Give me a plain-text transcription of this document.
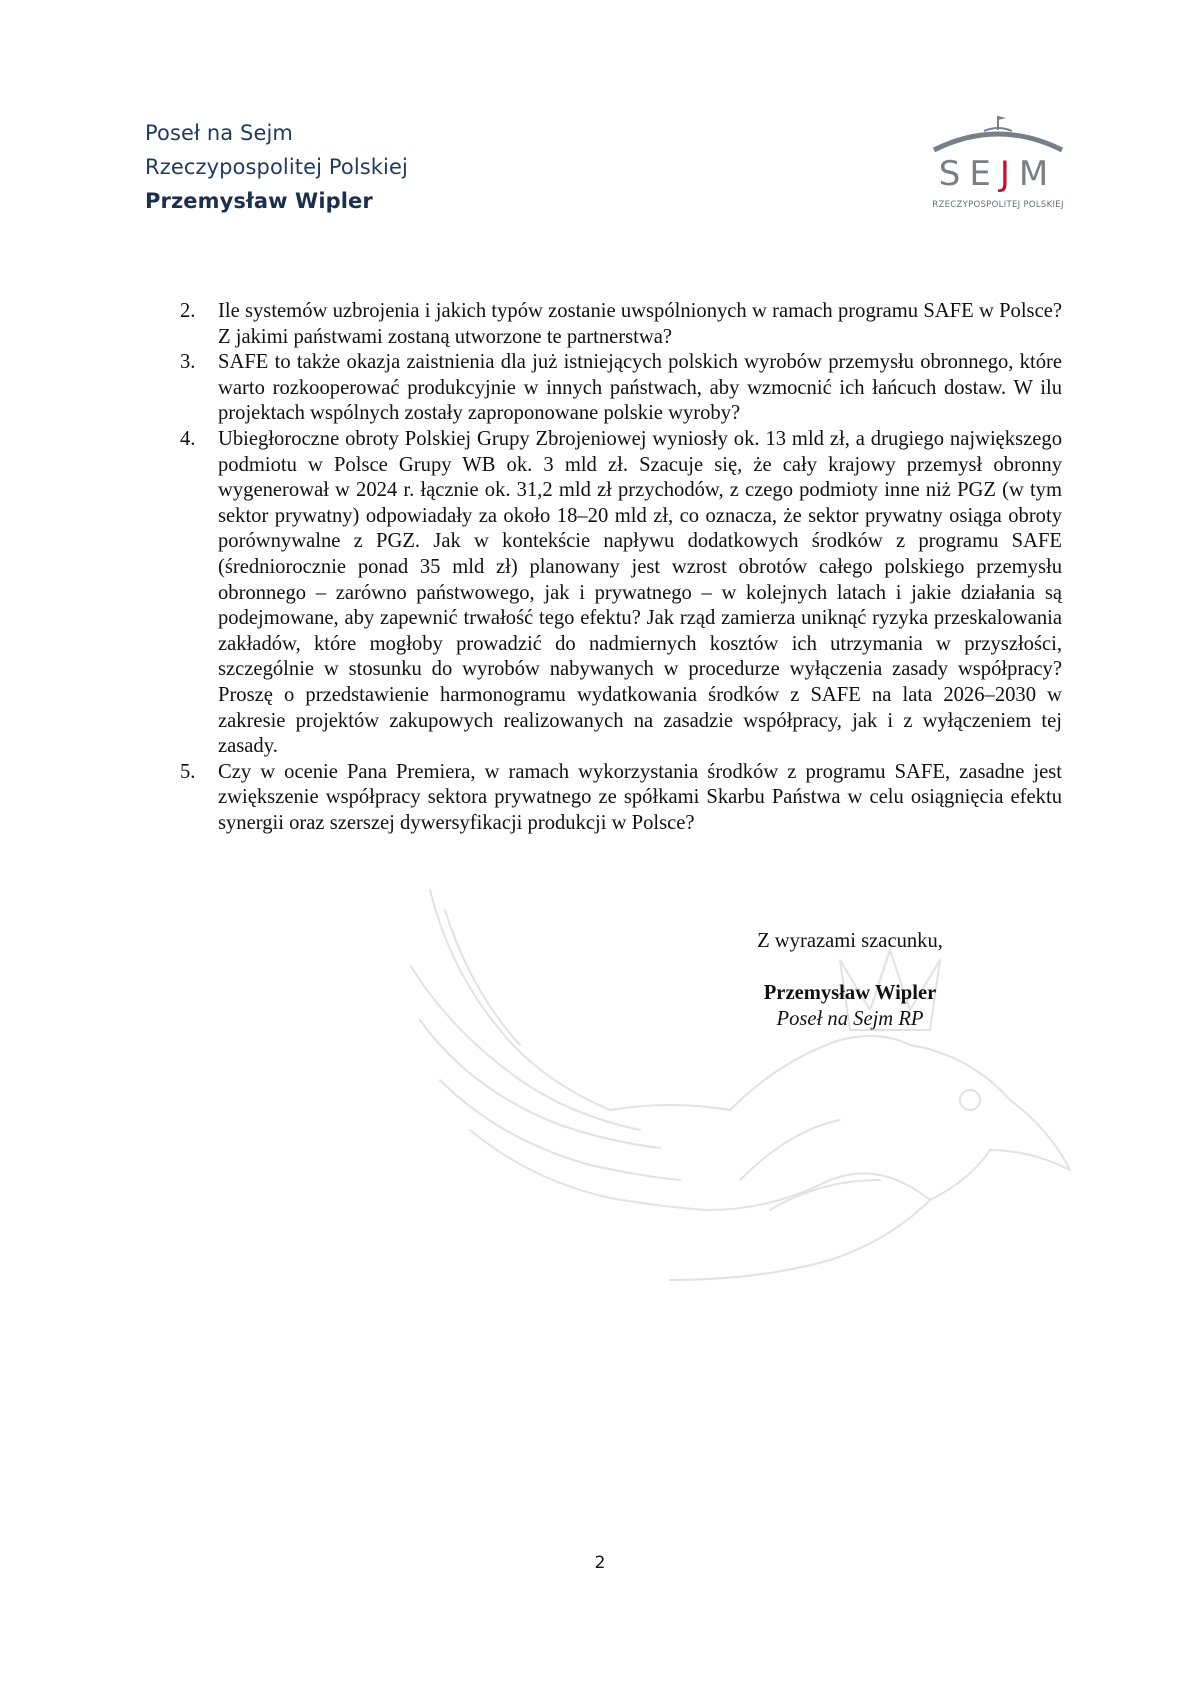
Poseł na Sejm
Rzeczypospolitej Polskiej
Przemysław Wipler
SEJM
RZECZYPOSPOLITEJ POLSKIEJ
2. Ile systemów uzbrojenia i jakich typów zostanie uwspólnionych w ramach programu SAFE w Polsce? Z jakimi państwami zostaną utworzone te partnerstwa?
3. SAFE to także okazja zaistnienia dla już istniejących polskich wyrobów przemysłu obronnego, które warto rozkooperować produkcyjnie w innych państwach, aby wzmocnić ich łańcuch dostaw. W ilu projektach wspólnych zostały zaproponowane polskie wyroby?
4. Ubiegłoroczne obroty Polskiej Grupy Zbrojeniowej wyniosły ok. 13 mld zł, a drugiego największego podmiotu w Polsce Grupy WB ok. 3 mld zł. Szacuje się, że cały krajowy przemysł obronny wygenerował w 2024 r. łącznie ok. 31,2 mld zł przychodów, z czego podmioty inne niż PGZ (w tym sektor prywatny) odpowiadały za około 18–20 mld zł, co oznacza, że sektor prywatny osiąga obroty porównywalne z PGZ. Jak w kontekście napływu dodatkowych środków z programu SAFE (średniorocznie ponad 35 mld zł) planowany jest wzrost obrotów całego polskiego przemysłu obronnego – zarówno państwowego, jak i prywatnego – w kolejnych latach i jakie działania są podejmowane, aby zapewnić trwałość tego efektu? Jak rząd zamierza uniknąć ryzyka przeskalowania zakładów, które mogłoby prowadzić do nadmiernych kosztów ich utrzymania w przyszłości, szczególnie w stosunku do wyrobów nabywanych w procedurze wyłączenia zasady współpracy? Proszę o przedstawienie harmonogramu wydatkowania środków z SAFE na lata 2026–2030 w zakresie projektów zakupowych realizowanych na zasadzie współpracy, jak i z wyłączeniem tej zasady.
5. Czy w ocenie Pana Premiera, w ramach wykorzystania środków z programu SAFE, zasadne jest zwiększenie współpracy sektora prywatnego ze spółkami Skarbu Państwa w celu osiągnięcia efektu synergii oraz szerszej dywersyfikacji produkcji w Polsce?
Z wyrazami szacunku,
Przemysław Wipler
Poseł na Sejm RP
2
